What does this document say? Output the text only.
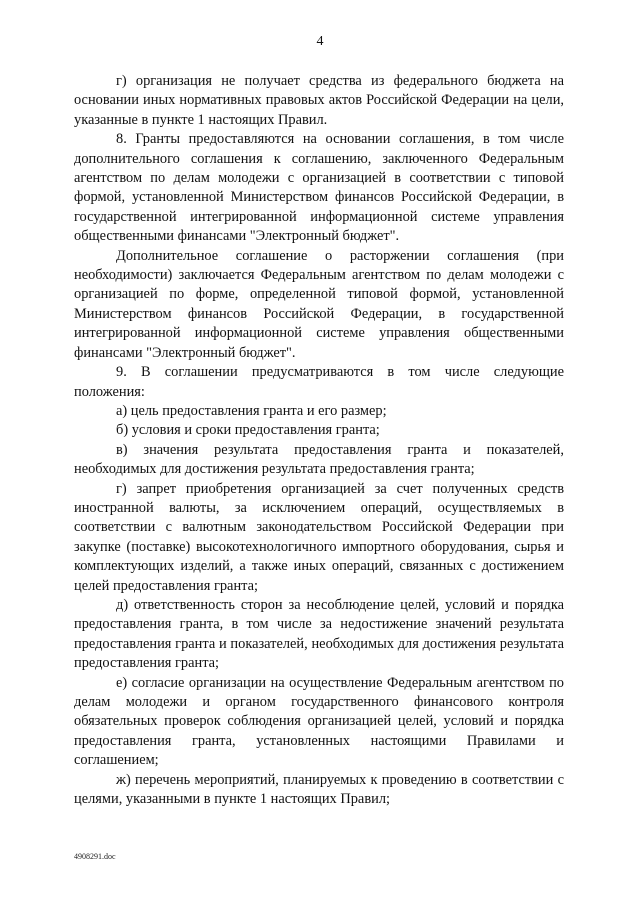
4

г) организация не получает средства из федерального бюджета на основании иных нормативных правовых актов Российской Федерации на цели, указанные в пункте 1 настоящих Правил.

8. Гранты предоставляются на основании соглашения, в том числе дополнительного соглашения к соглашению, заключенного Федеральным агентством по делам молодежи с организацией в соответствии с типовой формой, установленной Министерством финансов Российской Федерации, в государственной интегрированной информационной системе управления общественными финансами "Электронный бюджет".

Дополнительное соглашение о расторжении соглашения (при необходимости) заключается Федеральным агентством по делам молодежи с организацией по форме, определенной типовой формой, установленной Министерством финансов Российской Федерации, в государственной интегрированной информационной системе управления общественными финансами "Электронный бюджет".

9. В соглашении предусматриваются в том числе следующие положения:

а) цель предоставления гранта и его размер;

б) условия и сроки предоставления гранта;

в) значения результата предоставления гранта и показателей, необходимых для достижения результата предоставления гранта;

г) запрет приобретения организацией за счет полученных средств иностранной валюты, за исключением операций, осуществляемых в соответствии с валютным законодательством Российской Федерации при закупке (поставке) высокотехнологичного импортного оборудования, сырья и комплектующих изделий, а также иных операций, связанных с достижением целей предоставления гранта;

д) ответственность сторон за несоблюдение целей, условий и порядка предоставления гранта, в том числе за недостижение значений результата предоставления гранта и показателей, необходимых для достижения результата предоставления гранта;

е) согласие организации на осуществление Федеральным агентством по делам молодежи и органом государственного финансового контроля обязательных проверок соблюдения организацией целей, условий и порядка предоставления гранта, установленных настоящими Правилами и соглашением;

ж) перечень мероприятий, планируемых к проведению в соответствии с целями, указанными в пункте 1 настоящих Правил;

4908291.doc
